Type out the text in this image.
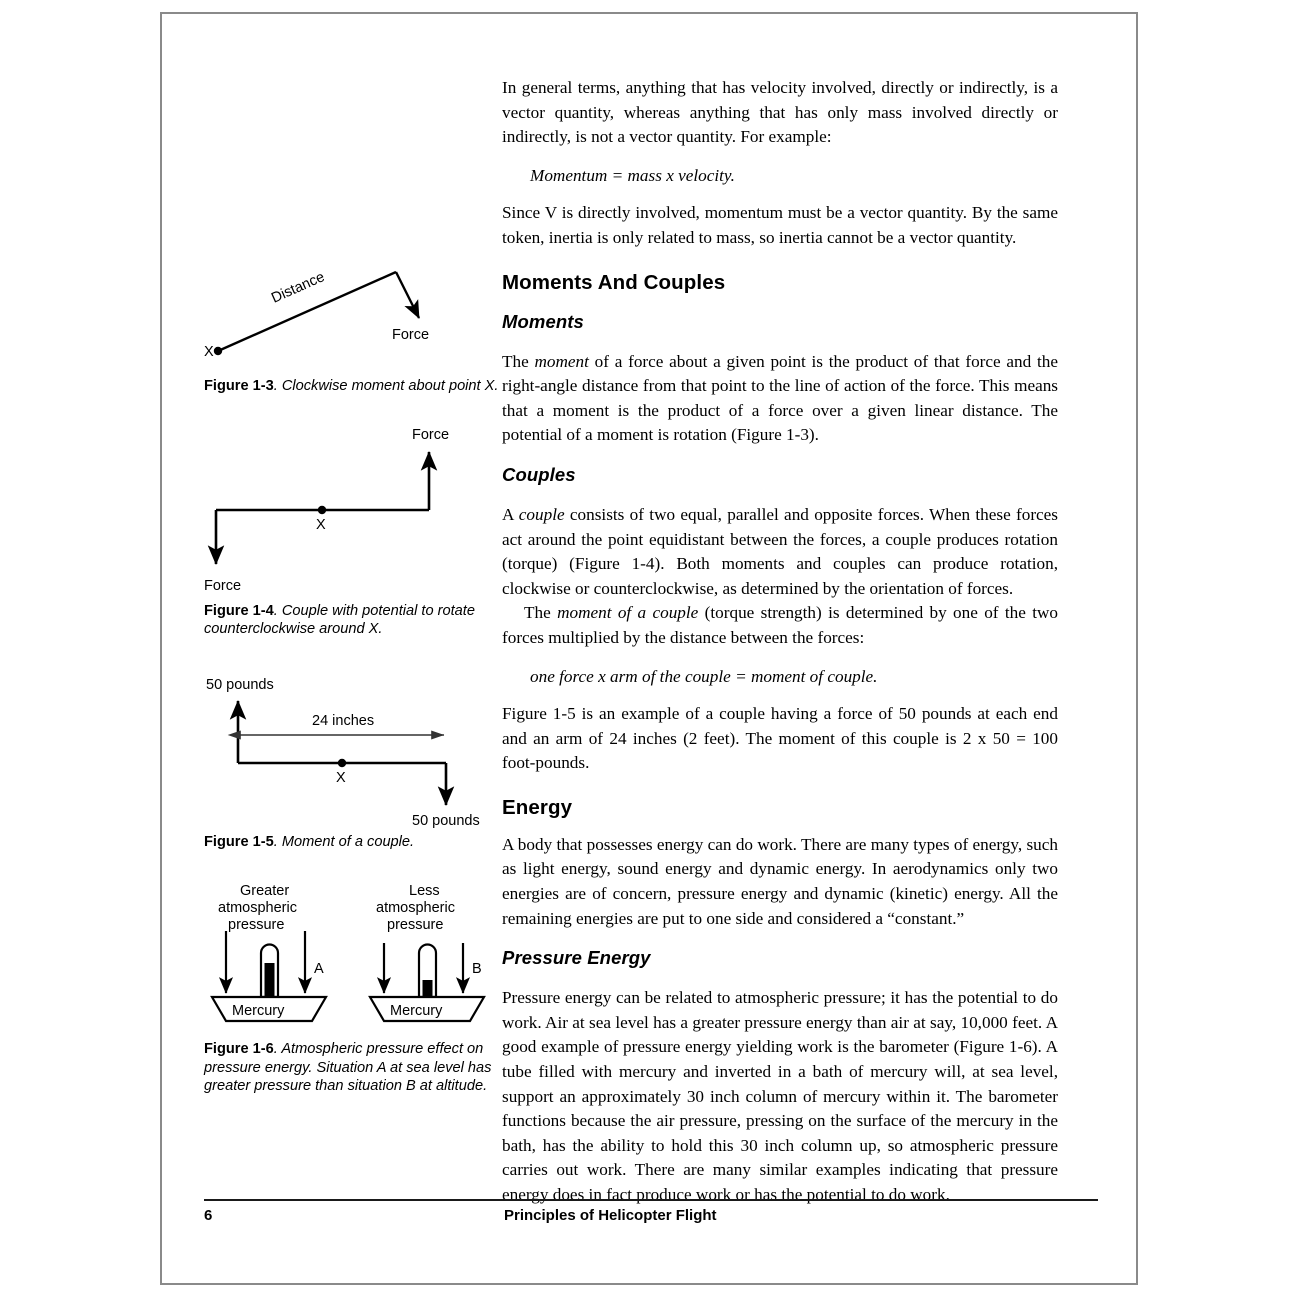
X
Distance
Force

Figure 1-3. Clockwise moment about point X.

X
Force
Force

Figure 1-4. Couple with potential to rotate counterclockwise around X.

24 inches
X
50 pounds
50 pounds

Figure 1-5. Moment of a couple.

Greater
atmospheric
pressure
Mercury
A
Less
atmospheric
pressure
Mercury
B

Figure 1-6. Atmospheric pressure effect on pressure energy. Situation A at sea level has greater pressure than situation B at altitude.

In general terms, anything that has velocity involved, directly or indirectly, is a vector quantity, whereas anything that has only mass involved directly or indirectly, is not a vector quantity. For example:

Momentum = mass x velocity.

Since V is directly involved, momentum must be a vector quantity. By the same token, inertia is only related to mass, so inertia cannot be a vector quantity.

Moments And Couples
Moments

The moment of a force about a given point is the product of that force and the right-angle distance from that point to the line of action of the force. This means that a moment is the product of a force over a given linear distance. The potential of a moment is rotation (Figure 1-3).

Couples

A couple consists of two equal, parallel and opposite forces. When these forces act around the point equidistant between the forces, a couple produces rotation (torque) (Figure 1-4). Both moments and couples can produce rotation, clockwise or counterclockwise, as determined by the orientation of forces.

The moment of a couple (torque strength) is determined by one of the two forces multiplied by the distance between the forces:

one force x arm of the couple = moment of couple.

Figure 1-5 is an example of a couple having a force of 50 pounds at each end and an arm of 24 inches (2 feet). The moment of this couple is 2 x 50 = 100 foot-pounds.

Energy

A body that possesses energy can do work. There are many types of energy, such as light energy, sound energy and dynamic energy. In aerodynamics only two energies are of concern, pressure energy and dynamic (kinetic) energy. All the remaining energies are put to one side and considered a “constant.”

Pressure Energy

Pressure energy can be related to atmospheric pressure; it has the potential to do work. Air at sea level has a greater pressure energy than air at say, 10,000 feet. A good example of pressure energy yielding work is the barometer (Figure 1-6). A tube filled with mercury and inverted in a bath of mercury will, at sea level, support an approximately 30 inch column of mercury within it. The barometer functions because the air pressure, pressing on the surface of the mercury in the bath, has the ability to hold this 30 inch column up, so atmospheric pressure carries out work. There are many similar examples indicating that pressure energy does in fact produce work or has the potential to do work.

6	Principles of Helicopter Flight
